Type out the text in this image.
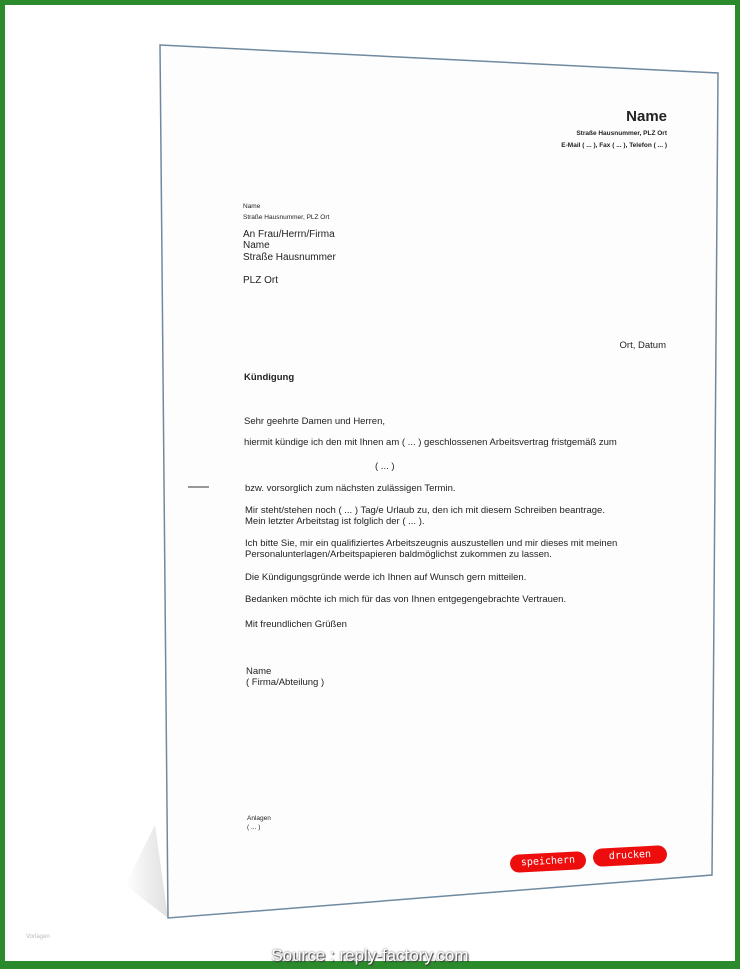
Name
Straße Hausnummer, PLZ Ort
E-Mail ( ... ), Fax ( ... ), Telefon ( ... )
Name
Straße Hausnummer, PLZ Ort
An Frau/Herrn/Firma
Name
Straße Hausnummer
PLZ Ort
Ort, Datum
Kündigung
Sehr geehrte Damen und Herren,
hiermit kündige ich den mit Ihnen am ( ... ) geschlossenen Arbeitsvertrag fristgemäß zum
( ... )
bzw. vorsorglich zum nächsten zulässigen Termin.
Mir steht/stehen noch ( ... ) Tag/e Urlaub zu, den ich mit diesem Schreiben beantrage.
Mein letzter Arbeitstag ist folglich der ( ... ).
Ich bitte Sie, mir ein qualifiziertes Arbeitszeugnis auszustellen und mir dieses mit meinen
Personalunterlagen/Arbeitspapieren baldmöglichst zukommen zu lassen.
Die Kündigungsgründe werde ich Ihnen auf Wunsch gern mitteilen.
Bedanken möchte ich mich für das von Ihnen entgegengebrachte Vertrauen.
Mit freundlichen Grüßen
Name
( Firma/Abteilung )
Anlagen
( ... )
speichern	drucken
Vorlagen
Source : reply-factory.com
